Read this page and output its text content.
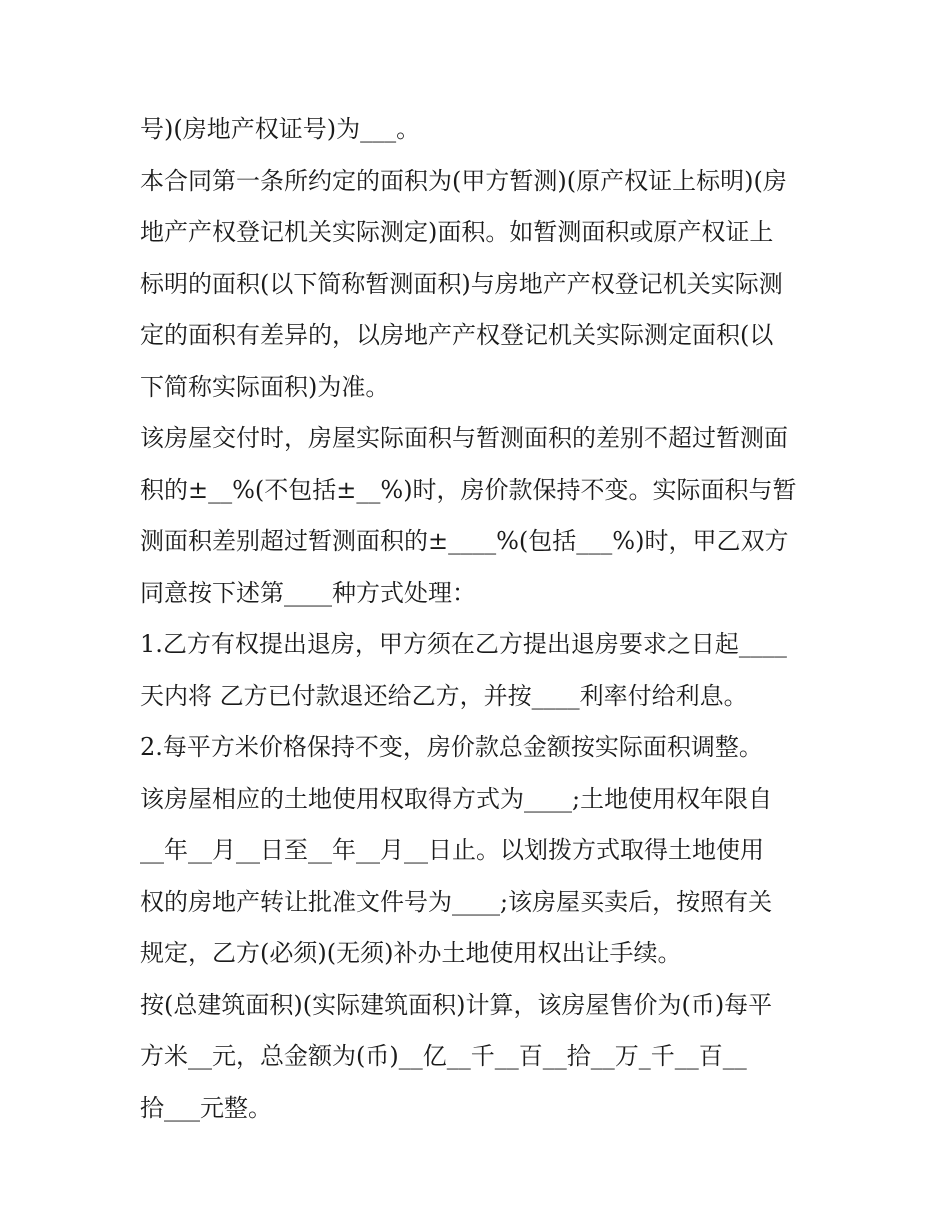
号)(房地产权证号)为___。
本合同第一条所约定的面积为(甲方暂测)(原产权证上标明)(房
地产产权登记机关实际测定)面积。如暂测面积或原产权证上
标明的面积(以下简称暂测面积)与房地产产权登记机关实际测
定的面积有差异的，以房地产产权登记机关实际测定面积(以
下简称实际面积)为准。
该房屋交付时，房屋实际面积与暂测面积的差别不超过暂测面
积的±__%(不包括±__%)时，房价款保持不变。实际面积与暂
测面积差别超过暂测面积的±____%(包括___%)时，甲乙双方
同意按下述第____种方式处理：
1.乙方有权提出退房，甲方须在乙方提出退房要求之日起____
天内将 乙方已付款退还给乙方，并按____利率付给利息。
2.每平方米价格保持不变，房价款总金额按实际面积调整。
该房屋相应的土地使用权取得方式为____;土地使用权年限自
__年__月__日至__年__月__日止。以划拨方式取得土地使用
权的房地产转让批准文件号为____;该房屋买卖后，按照有关
规定，乙方(必须)(无须)补办土地使用权出让手续。
按(总建筑面积)(实际建筑面积)计算，该房屋售价为(币)每平
方米__元，总金额为(币)__亿__千__百__拾__万_千__百__
拾___元整。
